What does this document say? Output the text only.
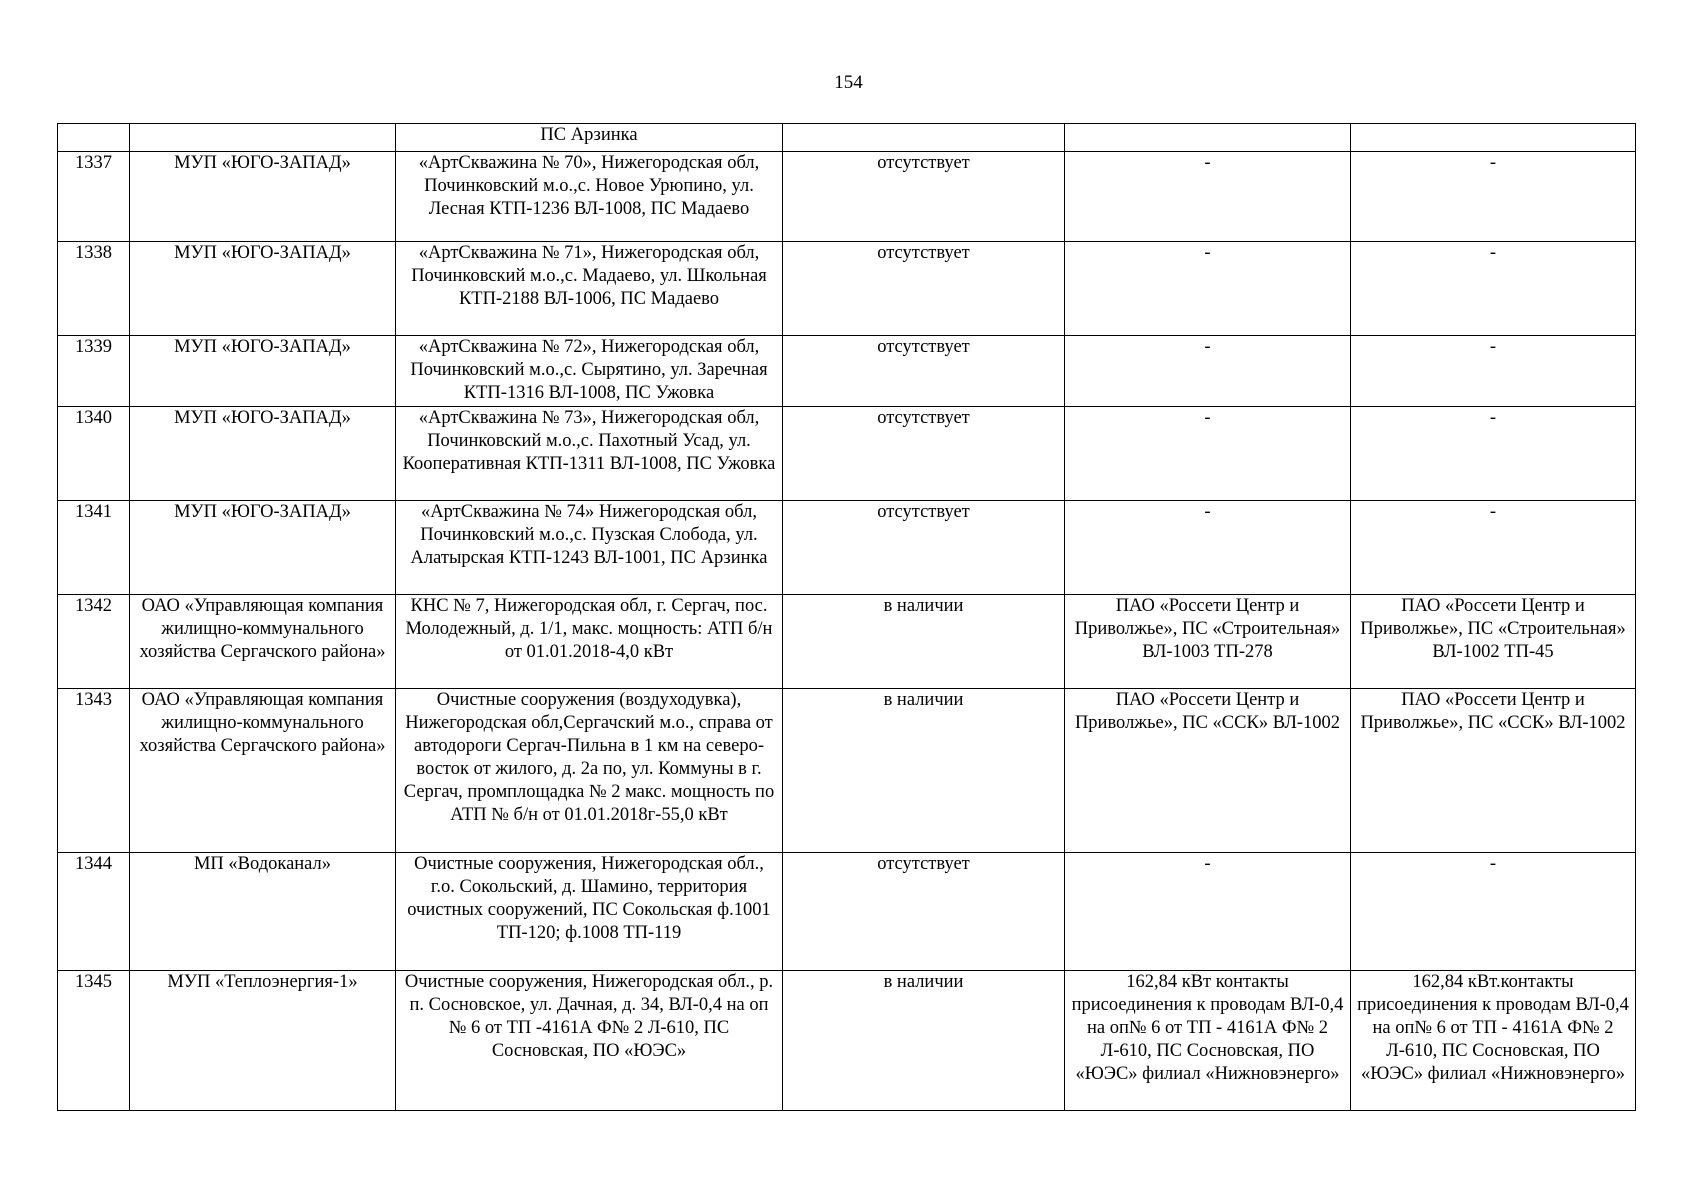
154
		ПС Арзинка			
1337	МУП «ЮГО-ЗАПАД»	«АртСкважина № 70», Нижегородская обл, Починковский м.о.,с. Новое Урюпино, ул. Лесная КТП-1236 ВЛ-1008, ПС Мадаево	отсутствует	-	-
1338	МУП «ЮГО-ЗАПАД»	«АртСкважина № 71», Нижегородская обл, Починковский м.о.,с. Мадаево, ул. Школьная КТП-2188 ВЛ-1006, ПС Мадаево	отсутствует	-	-
1339	МУП «ЮГО-ЗАПАД»	«АртСкважина № 72», Нижегородская обл, Починковский м.о.,с. Сырятино, ул. Заречная КТП-1316 ВЛ-1008, ПС Ужовка	отсутствует	-	-
1340	МУП «ЮГО-ЗАПАД»	«АртСкважина № 73», Нижегородская обл, Починковский м.о.,с. Пахотный Усад, ул. Кооперативная КТП-1311 ВЛ-1008, ПС Ужовка	отсутствует	-	-
1341	МУП «ЮГО-ЗАПАД»	«АртСкважина № 74» Нижегородская обл, Починковский м.о.,с. Пузская Слобода, ул. Алатырская КТП-1243 ВЛ-1001, ПС Арзинка	отсутствует	-	-
1342	ОАО «Управляющая компания жилищно-коммунального хозяйства Сергачского района»	КНС № 7, Нижегородская обл, г. Сергач, пос. Молодежный, д. 1/1, макс. мощность: АТП б/н от 01.01.2018-4,0 кВт	в наличии	ПАО «Россети Центр и Приволжье», ПС «Строительная» ВЛ-1003 ТП-278	ПАО «Россети Центр и Приволжье», ПС «Строительная» ВЛ-1002 ТП-45
1343	ОАО «Управляющая компания жилищно-коммунального хозяйства Сергачского района»	Очистные сооружения (воздуходувка), Нижегородская обл,Сергачский м.о., справа от автодороги Сергач-Пильна в 1 км на северо-восток от жилого, д. 2а по, ул. Коммуны в г. Сергач, промплощадка № 2 макс. мощность по АТП № б/н от 01.01.2018г-55,0 кВт	в наличии	ПАО «Россети Центр и Приволжье», ПС «ССК» ВЛ-1002	ПАО «Россети Центр и Приволжье», ПС «ССК» ВЛ-1002
1344	МП «Водоканал»	Очистные сооружения, Нижегородская обл., г.о. Сокольский, д. Шамино, территория очистных сооружений, ПС Сокольская ф.1001 ТП-120; ф.1008 ТП-119	отсутствует	-	-
1345	МУП «Теплоэнергия-1»	Очистные сооружения, Нижегородская обл., р. п. Сосновское, ул. Дачная, д. 34, ВЛ-0,4 на оп № 6 от ТП -4161А Ф№ 2 Л-610, ПС Сосновская, ПО «ЮЭС»	в наличии	162,84 кВт контакты присоединения к проводам ВЛ-0,4 на оп№ 6 от ТП - 4161А Ф№ 2 Л-610, ПС Сосновская, ПО «ЮЭС» филиал «Нижновэнерго»	162,84 кВт.контакты присоединения к проводам ВЛ-0,4 на оп№ 6 от ТП - 4161А Ф№ 2 Л-610, ПС Сосновская, ПО «ЮЭС» филиал «Нижновэнерго»
